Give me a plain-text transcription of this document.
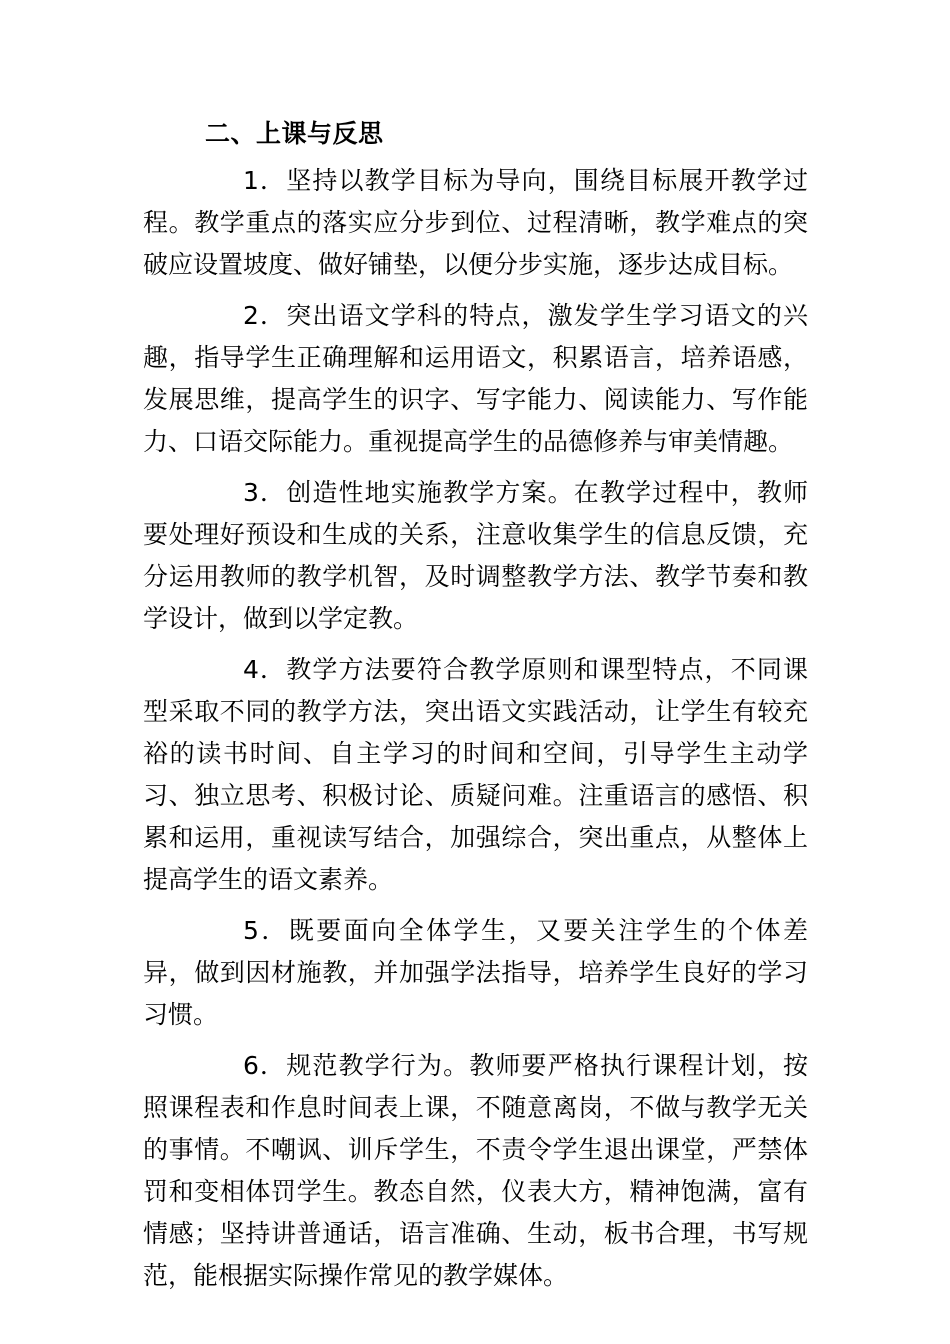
二、上课与反思

1．坚持以教学目标为导向，围绕目标展开教学过程。教学重点的落实应分步到位、过程清晰，教学难点的突破应设置坡度、做好铺垫，以便分步实施，逐步达成目标。

2．突出语文学科的特点，激发学生学习语文的兴趣，指导学生正确理解和运用语文，积累语言，培养语感，发展思维，提高学生的识字、写字能力、阅读能力、写作能力、口语交际能力。重视提高学生的品德修养与审美情趣。

3．创造性地实施教学方案。在教学过程中，教师要处理好预设和生成的关系，注意收集学生的信息反馈，充分运用教师的教学机智，及时调整教学方法、教学节奏和教学设计，做到以学定教。

4．教学方法要符合教学原则和课型特点，不同课型采取不同的教学方法，突出语文实践活动，让学生有较充裕的读书时间、自主学习的时间和空间，引导学生主动学习、独立思考、积极讨论、质疑问难。注重语言的感悟、积累和运用，重视读写结合，加强综合，突出重点，从整体上提高学生的语文素养。

5．既要面向全体学生，又要关注学生的个体差异，做到因材施教，并加强学法指导，培养学生良好的学习习惯。

6．规范教学行为。教师要严格执行课程计划，按照课程表和作息时间表上课，不随意离岗，不做与教学无关的事情。不嘲讽、训斥学生，不责令学生退出课堂，严禁体罚和变相体罚学生。教态自然，仪表大方，精神饱满，富有情感；坚持讲普通话，语言准确、生动，板书合理，书写规范，能根据实际操作常见的教学媒体。
